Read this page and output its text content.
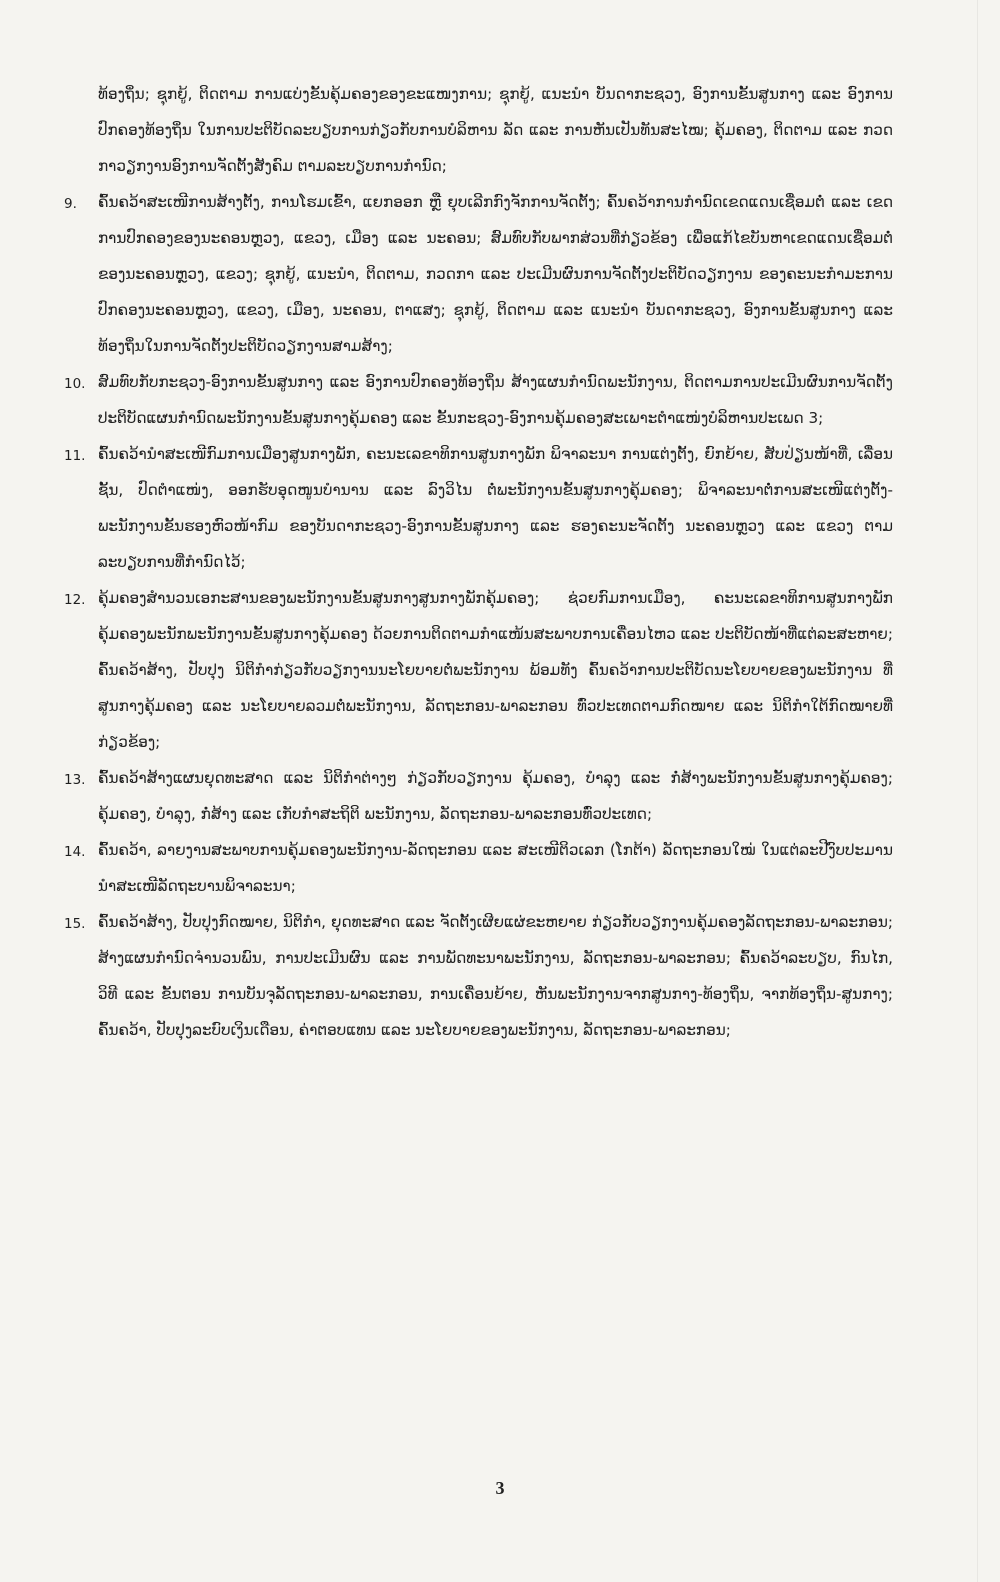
ທ້ອງຖິ່ນ; ຊຸກຍູ້, ຕິດຕາມ ການແບ່ງຂັ້ນຄຸ້ມຄອງຂອງຂະແໜງການ; ຊຸກຍູ້, ແນະນຳ ບັນດາກະຊວງ, ອົງການຂັ້ນສູນກາງ ແລະ ອົງການປົກຄອງທ້ອງຖິ່ນ ໃນການປະຕິບັດລະບຽບການກ່ຽວກັບການບໍລິຫານ ລັດ ແລະ ການຫັນເປັນທັນສະໄໝ; ຄຸ້ມຄອງ, ຕິດຕາມ ແລະ ກວດກາວຽກງານອົງການຈັດຕັ້ງສັງຄົມ ຕາມລະບຽບການກຳນົດ;

9.	ຄົ້ນຄວ້າສະເໜີການສ້າງຕັ້ງ, ການໂຮມເຂົ້າ, ແຍກອອກ ຫຼື ຍຸບເລີກກົງຈັກການຈັດຕັ້ງ; ຄົ້ນຄວ້າການກຳນົດເຂດແດນເຊື່ອມຕໍ່ ແລະ ເຂດການປົກຄອງຂອງນະຄອນຫຼວງ, ແຂວງ, ເມືອງ ແລະ ນະຄອນ; ສົມທົບກັບພາກສ່ວນທີ່ກ່ຽວຂ້ອງ ເພື່ອແກ້ໄຂບັນຫາເຂດແດນເຊື່ອມຕໍ່ ຂອງນະຄອນຫຼວງ, ແຂວງ; ຊຸກຍູ້, ແນະນຳ, ຕິດຕາມ, ກວດກາ ແລະ ປະເມີນຜົນການຈັດຕັ້ງປະຕິບັດວຽກງານ ຂອງຄະນະກຳມະການປົກຄອງນະຄອນຫຼວງ, ແຂວງ, ເມືອງ, ນະຄອນ, ຕາແສງ; ຊຸກຍູ້, ຕິດຕາມ ແລະ ແນະນຳ ບັນດາກະຊວງ, ອົງການຂັ້ນສູນກາງ ແລະ ທ້ອງຖິ່ນໃນການຈັດຕັ້ງປະຕິບັດວຽກງານສາມສ້າງ;
10. ສົມທົບກັບກະຊວງ-ອົງການຂັ້ນສູນກາງ ແລະ ອົງການປົກຄອງທ້ອງຖິ່ນ ສ້າງແຜນກຳນົດພະນັກງານ, ຕິດຕາມການປະເມີນຜົນການຈັດຕັ້ງປະຕິບັດແຜນກຳນົດພະນັກງານຂັ້ນສູນກາງຄຸ້ມຄອງ ແລະ ຂັ້ນກະຊວງ-ອົງການຄຸ້ມຄອງສະເພາະຕຳແໜ່ງບໍລິຫານປະເພດ 3;
11. ຄົ້ນຄວ້ານຳສະເໜີກົມການເມືອງສູນກາງພັກ, ຄະນະເລຂາທິການສູນກາງພັກ ພິຈາລະນາ ການແຕ່ງຕັ້ງ, ຍົກຍ້າຍ, ສັບປ່ຽນໜ້າທີ່, ເລື່ອນຊັ້ນ, ປົດຕຳແໜ່ງ, ອອກຮັບອຸດໜູນບຳນານ ແລະ ລົງວິໄນ ຕໍ່ພະນັກງານຂັ້ນສູນກາງຄຸ້ມຄອງ; ພິຈາລະນາຕໍ່ການສະເໜີແຕ່ງຕັ້ງ- ພະນັກງານຂັ້ນຮອງຫົວໜ້າກົມ ຂອງບັນດາກະຊວງ-ອົງການຂັ້ນສູນກາງ ແລະ ຮອງຄະນະຈັດຕັ້ງ ນະຄອນຫຼວງ ແລະ ແຂວງ ຕາມລະບຽບການທີ່ກຳນົດໄວ້;
12. ຄຸ້ມຄອງສຳນວນເອກະສານຂອງພະນັກງານຂັ້ນສູນກາງສູນກາງພັກຄຸ້ມຄອງ; ຊ່ວຍກົມການເມືອງ, ຄະນະເລຂາທິການສູນກາງພັກ ຄຸ້ມຄອງພະນັກພະນັກງານຂັ້ນສູນກາງຄຸ້ມຄອງ ດ້ວຍການຕິດຕາມກຳແໜ້ນສະພາບການເຄື່ອນໄຫວ ແລະ ປະຕິບັດໜ້າທີ່ແຕ່ລະສະຫາຍ; ຄົ້ນຄວ້າສ້າງ, ປັບປຸງ ນິຕິກຳກ່ຽວກັບວຽກງານນະໂຍບາຍຕໍ່ພະນັກງານ ພ້ອມທັງ ຄົ້ນຄວ້າການປະຕິບັດນະໂຍບາຍຂອງພະນັກງານ ທີ່ສູນກາງຄຸ້ມຄອງ ແລະ ນະໂຍບາຍລວມຕໍ່ພະນັກງານ, ລັດຖະກອນ-ພາລະກອນ ທົ່ວປະເທດຕາມກົດໝາຍ ແລະ ນິຕິກຳໃຕ້ກົດໝາຍທີ່ກ່ຽວຂ້ອງ;
13. ຄົ້ນຄວ້າສ້າງແຜນຍຸດທະສາດ ແລະ ນິຕິກຳຕ່າງໆ ກ່ຽວກັບວຽກງານ ຄຸ້ມຄອງ, ບຳລຸງ ແລະ ກໍ່ສ້າງພະນັກງານຂັ້ນສູນກາງຄຸ້ມຄອງ; ຄຸ້ມຄອງ, ບຳລຸງ, ກໍ່ສ້າງ ແລະ ເກັບກຳສະຖິຕິ ພະນັກງານ, ລັດຖະກອນ-ພາລະກອນທົ່ວປະເທດ;
14. ຄົ້ນຄວ້າ, ລາຍງານສະພາບການຄຸ້ມຄອງພະນັກງານ-ລັດຖະກອນ ແລະ ສະເໜີຕິວເລກ (ໂກຕ້າ) ລັດຖະກອນໃໝ່ ໃນແຕ່ລະປີງົບປະມານ ນຳສະເໜີລັດຖະບານພິຈາລະນາ;
15. ຄົ້ນຄວ້າສ້າງ, ປັບປຸງກົດໝາຍ, ນິຕິກຳ, ຍຸດທະສາດ ແລະ ຈັດຕັ້ງເຜີຍແຜ່ຂະຫຍາຍ ກ່ຽວກັບວຽກງານຄຸ້ມຄອງລັດຖະກອນ-ພາລະກອນ; ສ້າງແຜນກຳນົດຈຳນວນພົນ, ການປະເມີນຜົນ ແລະ ການພັດທະນາພະນັກງານ, ລັດຖະກອນ-ພາລະກອນ; ຄົ້ນຄວ້າລະບຽບ, ກົນໄກ, ວິທີ ແລະ ຂັ້ນຕອນ ການບັນຈຸລັດຖະກອນ-ພາລະກອນ, ການເຄື່ອນຍ້າຍ, ຫັນພະນັກງານຈາກສູນກາງ-ທ້ອງຖິ່ນ, ຈາກທ້ອງຖິ່ນ-ສູນກາງ; ຄົ້ນຄວ້າ, ປັບປຸງລະບົບເງິນເດືອນ, ຄ່າຕອບແທນ ແລະ ນະໂຍບາຍຂອງພະນັກງານ, ລັດຖະກອນ-ພາລະກອນ;
3
